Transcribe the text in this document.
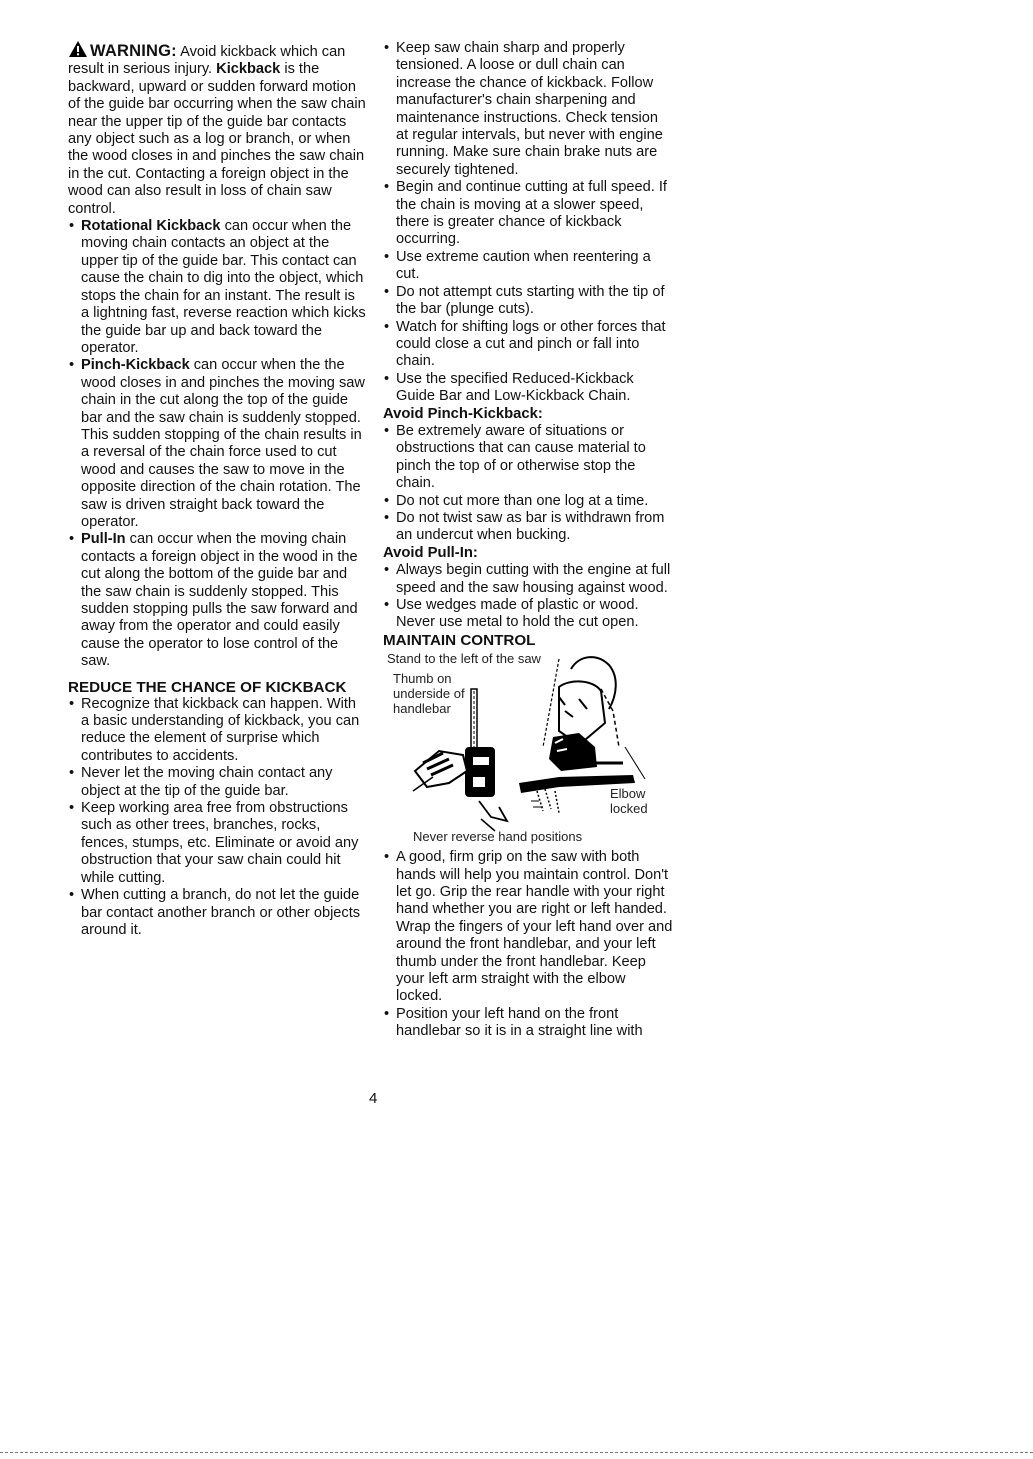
WARNING: Avoid kickback which can result in serious injury. Kickback is the backward, upward or sudden forward motion of the guide bar occurring when the saw chain near the upper tip of the guide bar contacts any object such as a log or branch, or when the wood closes in and pinches the saw chain in the cut. Contacting a foreign object in the wood can also result in loss of chain saw control.

• Rotational Kickback can occur when the moving chain contacts an object at the upper tip of the guide bar. This contact can cause the chain to dig into the object, which stops the chain for an instant. The result is a lightning fast, reverse reaction which kicks the guide bar up and back toward the operator.
• Pinch-Kickback can occur when the the wood closes in and pinches the moving saw chain in the cut along the top of the guide bar and the saw chain is suddenly stopped. This sudden stopping of the chain results in a reversal of the chain force used to cut wood and causes the saw to move in the opposite direction of the chain rotation. The saw is driven straight back toward the operator.
• Pull-In can occur when the moving chain contacts a foreign object in the wood in the cut along the bottom of the guide bar and the saw chain is suddenly stopped. This sudden stopping pulls the saw forward and away from the operator and could easily cause the operator to lose control of the saw.

REDUCE THE CHANCE OF KICKBACK

• Recognize that kickback can happen. With a basic understanding of kickback, you can reduce the element of surprise which contributes to accidents.
• Never let the moving chain contact any object at the tip of the guide bar.
• Keep working area free from obstructions such as other trees, branches, rocks, fences, stumps, etc. Eliminate or avoid any obstruction that your saw chain could hit while cutting.
• When cutting a branch, do not let the guide bar contact another branch or other objects around it.
• Keep saw chain sharp and properly tensioned. A loose or dull chain can increase the chance of kickback. Follow manufacturer's chain sharpening and maintenance instructions. Check tension at regular intervals, but never with engine running. Make sure chain brake nuts are securely tightened.
• Begin and continue cutting at full speed. If the chain is moving at a slower speed, there is greater chance of kickback occurring.
• Use extreme caution when reentering a cut.
• Do not attempt cuts starting with the tip of the bar (plunge cuts).
• Watch for shifting logs or other forces that could close a cut and pinch or fall into chain.
• Use the specified Reduced-Kickback Guide Bar and Low-Kickback Chain.

Avoid Pinch-Kickback:

• Be extremely aware of situations or obstructions that can cause material to pinch the top of or otherwise stop the chain.
• Do not cut more than one log at a time.
• Do not twist saw as bar is withdrawn from an undercut when bucking.

Avoid Pull-In:

• Always begin cutting with the engine at full speed and the saw housing against wood.
• Use wedges made of plastic or wood. Never use metal to hold the cut open.

MAINTAIN CONTROL

Stand to the left of the saw
Thumb on underside of handlebar
Elbow locked
Never reverse hand positions
• A good, firm grip on the saw with both hands will help you maintain control. Don't let go. Grip the rear handle with your right hand whether you are right or left handed. Wrap the fingers of your left hand over and around the front handlebar, and your left thumb under the front handlebar. Keep your left arm straight with the elbow locked.
• Position your left hand on the front handlebar so it is in a straight line with
4
